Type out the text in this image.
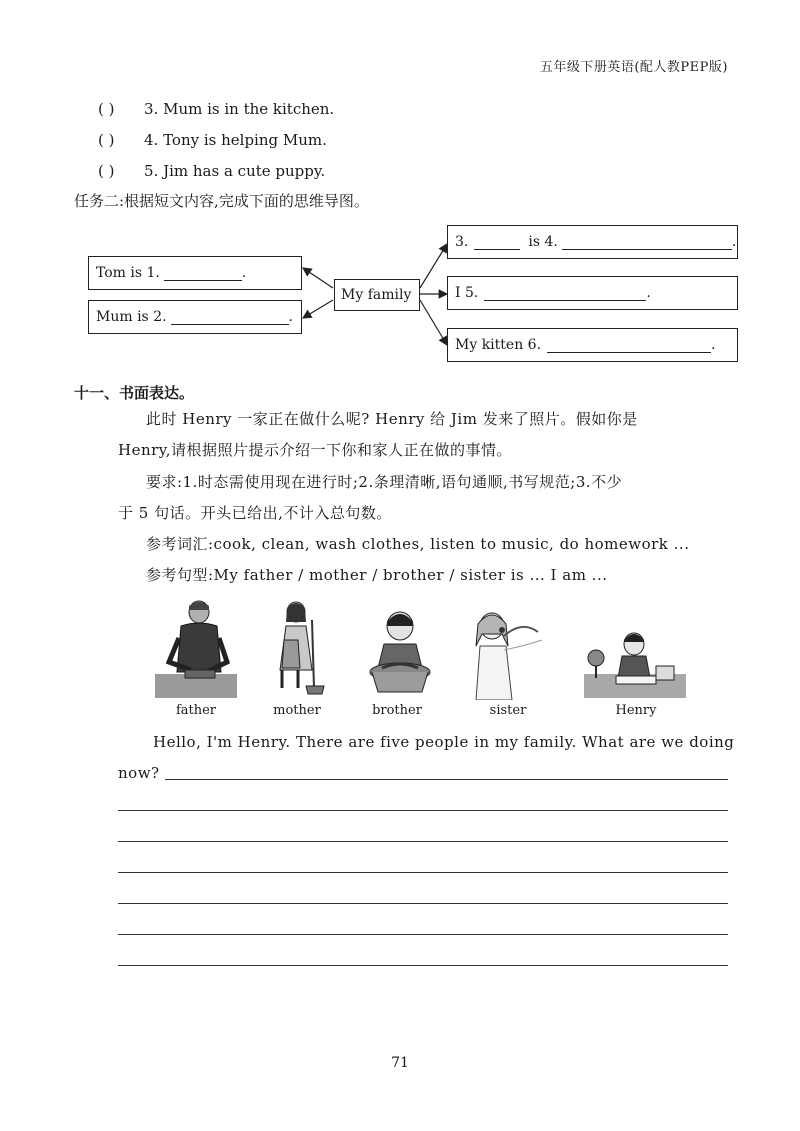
五年级下册英语(配人教PEP版)
( ) 3. Mum is in the kitchen.
( ) 4. Tony is helping Mum.
( ) 5. Jim has a cute puppy.
任务二:根据短文内容,完成下面的思维导图。
Tom is 1.	.
Mum is 2.	.
My family
3.	is 4.	.
I 5.	.
My kitten 6.	.
十一、书面表达。
此时 Henry 一家正在做什么呢? Henry 给 Jim 发来了照片。假如你是
Henry,请根据照片提示介绍一下你和家人正在做的事情。
要求:1.时态需使用现在进行时;2.条理清晰,语句通顺,书写规范;3.不少
于 5 句话。开头已给出,不计入总句数。
参考词汇:cook, clean, wash clothes, listen to music, do homework ...
参考句型:My father / mother / brother / sister is ... I am ...
father	mother	brother	sister	Henry
Hello, I'm Henry. There are five people in my family. What are we doing
now?
71
